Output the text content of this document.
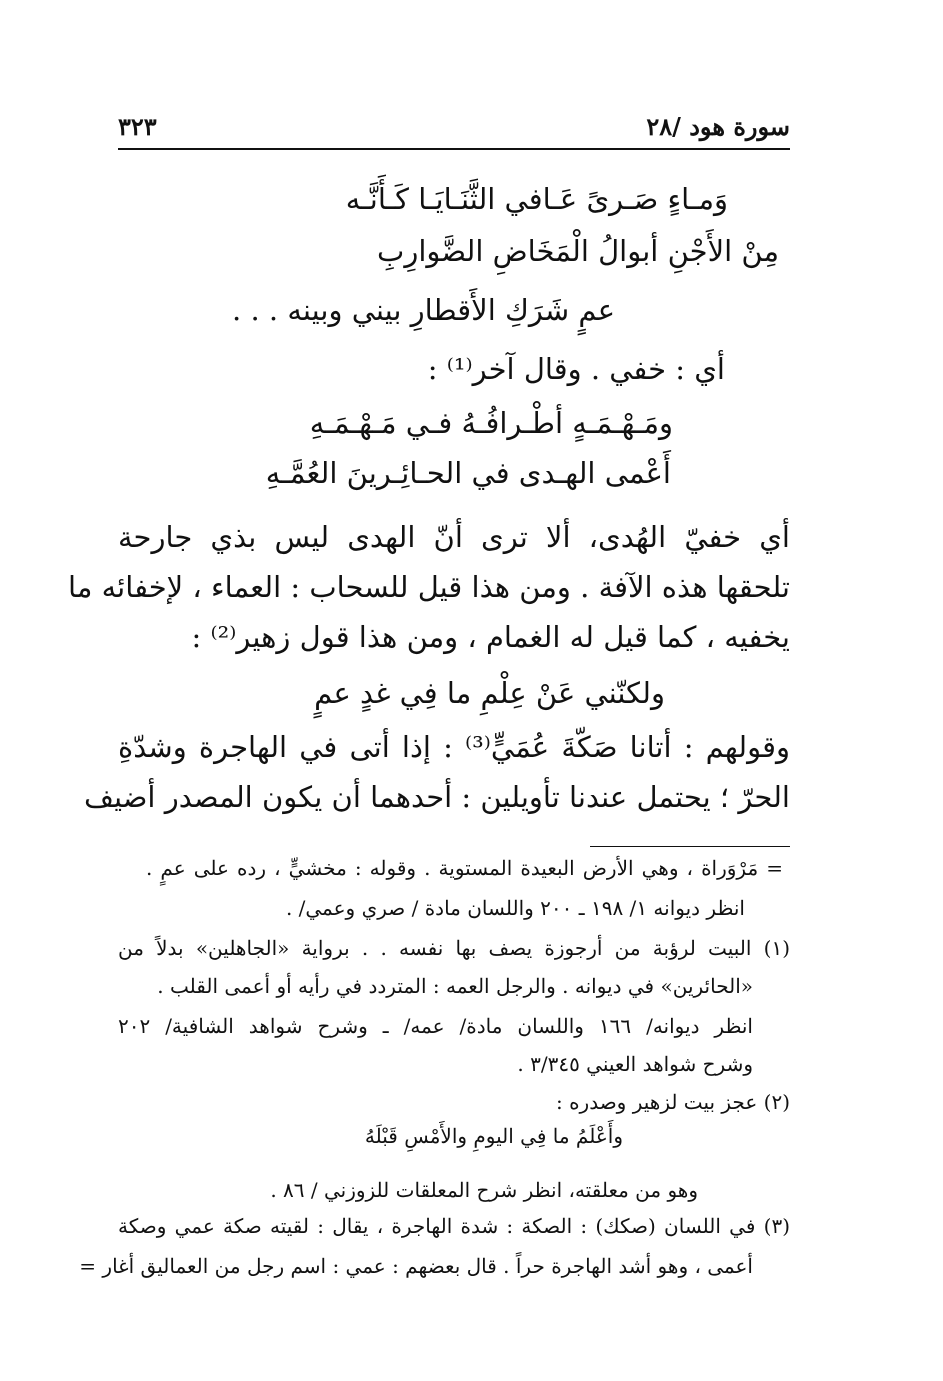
سورة هود /٢٨
٣٢٣
وَمـاءٍ صَـرىً عَـافي الثَّنَـايَـا كَـأَنَّـه
مِنْ الأَجْنِ أبوالُ الْمَخَاضِ الضَّوارِبِ
عمٍ شَرَكِ الأَقطارِ بيني وبينه . . .
أي : خفي . وقال آخر⁽¹⁾ :
ومَـهْـمَـهٍ أطْـرافُـهُ فـي مَـهْـمَـهِ
أَعْمى الهـدى في الحـائِـرينَ العُمَّـهِ
أي خفيّ الهُدى، ألا ترى أنّ الهدى ليس بذي جارحة
تلحقها هذه الآفة . ومن هذا قيل للسحاب : العماء ، لإخفائه ما
يخفيه ، كما قيل له الغمام ، ومن هذا قول زهير⁽²⁾ :
ولكنّني عَنْ عِلْمِ ما فِي غدٍ عمٍ
وقولهم : أتانا صَكّةَ عُمَيٍّ⁽³⁾ : إذا أتى في الهاجرة وشدّةِ
الحرّ ؛ يحتمل عندنا تأويلين : أحدهما أن يكون المصدر أضيف
= مَرْوَراة ، وهي الأرض البعيدة المستوية . وقوله : مخشيٍّ ، رده على عمٍ .
انظر ديوانه ١/ ١٩٨ ـ ٢٠٠ واللسان مادة / صري وعمي/ .
(١) البيت لرؤبة من أرجوزة يصف بها نفسه . . برواية «الجاهلين» بدلاً من
«الحائرين» في ديوانه . والرجل العمه : المتردد في رأيه أو أعمى القلب .
انظر ديوانه/ ١٦٦ واللسان مادة/ عمه/ ـ وشرح شواهد الشافية/ ٢٠٢
وشرح شواهد العيني ٣/٣٤٥ .
(٢) عجز بيت لزهير وصدره :
وأَعْلَمُ ما فِي اليومِ والأَمْسِ قَبْلَهُ
وهو من معلقته، انظر شرح المعلقات للزوزني / ٨٦ .
(٣) في اللسان (صكك) : الصكة : شدة الهاجرة ، يقال : لقيته صكة عمي وصكة
أعمى ، وهو أشد الهاجرة حراً . قال بعضهم : عمي : اسم رجل من العماليق أغار =
